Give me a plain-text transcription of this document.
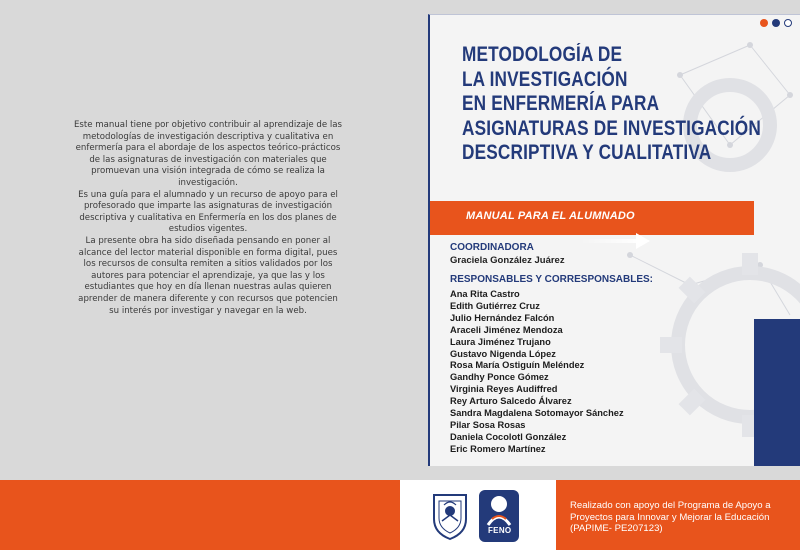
Este manual tiene por objetivo contribuir al aprendizaje de las metodologías de investigación descriptiva y cualitativa en enfermería para el abordaje de los aspectos teórico-prácticos de las asignaturas de investigación con materiales que promuevan una visión integrada de cómo se realiza la investigación.

Es una guía para el alumnado y un recurso de apoyo para el profesorado que imparte las asignaturas de investigación descriptiva y cualitativa en Enfermería en los dos planes de estudios vigentes.

La presente obra ha sido diseñada pensando en poner al alcance del lector material disponible en forma digital, pues los recursos de consulta remiten a sitios validados por los autores para potenciar el aprendizaje, ya que las y los estudiantes que hoy en día llenan nuestras aulas quieren aprender de manera diferente y con recursos que potencien su interés por investigar y navegar en la web.

METODOLOGÍA DE
LA INVESTIGACIÓN
EN ENFERMERÍA PARA
ASIGNATURAS DE INVESTIGACIÓN
DESCRIPTIVA Y CUALITATIVA
MANUAL PARA EL ALUMNADO
COORDINADORA
Graciela González Juárez
RESPONSABLES Y CORRESPONSABLES:
Ana Rita Castro
Edith Gutiérrez Cruz
Julio Hernández Falcón
Araceli Jiménez Mendoza
Laura Jiménez Trujano
Gustavo Nigenda López
Rosa María Ostiguín Meléndez
Gandhy Ponce Gómez
Virginia Reyes Audiffred
Rey Arturo Salcedo Álvarez
Sandra Magdalena Sotomayor Sánchez
Pilar Sosa Rosas
Daniela Cocolotl González
Eric Romero Martínez
FENO
Realizado con apoyo del Programa de Apoyo a Proyectos para Innovar y Mejorar la Educación (PAPIME- PE207123)
